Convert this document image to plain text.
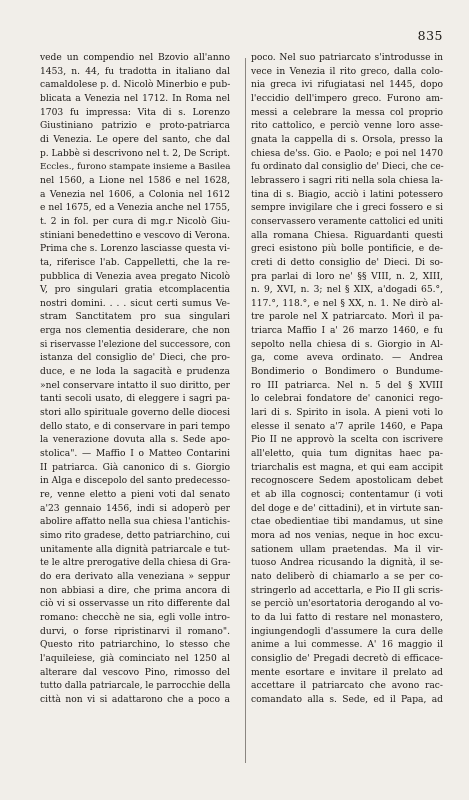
835
vede un compendio nel Bzovio all'anno
1453, n. 44, fu tradotta in italiano dal
camaldolese p. d. Nicolò Minerbio e pub-
blicata a Venezia nel 1712. In Roma nel
1703 fu impressa: Vita di s. Lorenzo
Giustiniano patrizio e proto-patriarca
di Venezia. Le opere del santo, che dal
p. Labbè si descrivono nel t. 2, De Script.
Eccles., furono stampate insieme a Basilea
nel 1560, a Lione nel 1586 e nel 1628,
a Venezia nel 1606, a Colonia nel 1612
e nel 1675, ed a Venezia anche nel 1755,
t. 2 in fol. per cura di mg.r Nicolò Giu-
stiniani benedettino e vescovo di Verona.
Prima che s. Lorenzo lasciasse questa vi-
ta, riferisce l'ab. Cappelletti, che la re-
pubblica di Venezia avea pregato Nicolò
V, pro singulari gratia etcomplacentia
nostri domini. . . . sicut certi sumus Ve-
stram Sanctitatem pro sua singulari
erga nos clementia desiderare, che non
si riservasse l'elezione del successore, con
istanza del consiglio de' Dieci, che pro-
duce, e ne loda la sagacità e prudenza
»nel conservare intatto il suo diritto, per
tanti secoli usato, di eleggere i sagri pa-
stori allo spirituale governo delle diocesi
dello stato, e di conservare in pari tempo
la venerazione dovuta alla s. Sede apo-
stolica". — Maffio I o Matteo Contarini
II patriarca. Già canonico di s. Giorgio
in Alga e discepolo del santo predecesso-
re, venne eletto a pieni voti dal senato
a'23 gennaio 1456, indi si adoperò per
abolire affatto nella sua chiesa l'antichis-
simo rito gradese, detto patriarchino, cui
unitamente alla dignità patriarcale e tut-
te le altre prerogative della chiesa di Gra-
do era derivato alla veneziana » seppur
non abbiasi a dire, che prima ancora di
ciò vi si osservasse un rito differente dal
romano: checchè ne sia, egli volle intro-
durvi, o forse ripristinarvi il romano".
Questo rito patriarchino, lo stesso che
l'aquileiese, già cominciato nel 1250 al
alterare dal vescovo Pino, rimosso del
tutto dalla patriarcale, le parrocchie della
città non vi si adattarono che a poco a
poco. Nel suo patriarcato s'introdusse in
vece in Venezia il rito greco, dalla colo-
nia greca ivi rifugiatasi nel 1445, dopo
l'eccidio dell'impero greco. Furono am-
messi a celebrare la messa col proprio
rito cattolico, e perciò venne loro asse-
gnata la cappella di s. Orsola, presso la
chiesa de'ss. Gio. e Paolo; e poi nel 1470
fu ordinato dal consiglio de' Dieci, che ce-
lebrassero i sagri riti nella sola chiesa la-
tina di s. Biagio, acciò i latini potessero
sempre invigilare che i greci fossero e si
conservassero veramente cattolici ed uniti
alla romana Chiesa. Riguardanti questi
greci esistono più bolle pontificie, e de-
creti di detto consiglio de' Dieci. Di so-
pra parlai di loro ne' §§ VIII, n. 2, XIII,
n. 9, XVI, n. 3; nel § XIX, a'dogadi 65.°,
117.°, 118.°, e nel § XX, n. 1. Ne dirò al-
tre parole nel X patriarcato. Morì il pa-
triarca Maffio I a' 26 marzo 1460, e fu
sepolto nella chiesa di s. Giorgio in Al-
ga, come aveva ordinato. — Andrea
Bondimerio o Bondimero o Bundume-
ro III patriarca. Nel n. 5 del § XVIII
lo celebrai fondatore de' canonici rego-
lari di s. Spirito in isola. A pieni voti lo
elesse il senato a'7 aprile 1460, e Papa
Pio II ne approvò la scelta con iscrivere
all'eletto, quia tum dignitas haec pa-
triarchalis est magna, et qui eam accipit
recognoscere Sedem apostolicam debet
et ab illa cognosci; contentamur (i voti
del doge e de' cittadini), et in virtute san-
ctae obedientiae tibi mandamus, ut sine
mora ad nos venias, neque in hoc excu-
sationem ullam praetendas. Ma il vir-
tuoso Andrea ricusando la dignità, il se-
nato deliberò di chiamarlo a se per co-
stringerlo ad accettarla, e Pio II gli scris-
se perciò un'esortatoria derogando al vo-
to da lui fatto di restare nel monastero,
ingiungendogli d'assumere la cura delle
anime a lui commesse. A' 16 maggio il
consiglio de' Pregadi decretò di efficace-
mente esortare e invitare il prelato ad
accettare il patriarcato che avono rac-
comandato alla s. Sede, ed il Papa, ad
